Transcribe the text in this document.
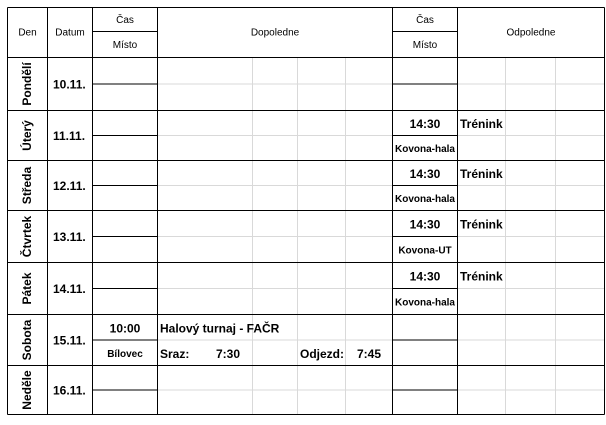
Den Datum
Čas
Místo
Dopoledne
Čas
Místo
Odpoledne
Pondělí 10.11.
Úterý 11.11.
14:30
Kovona-hala
Trénink
Středa 12.11.
14:30
Kovona-hala
Trénink
Čtvrtek 13.11.
14:30
Kovona-UT
Trénink
Pátek 14.11.
14:30
Kovona-hala
Trénink
Sobota 15.11.
10:00
Bílovec
Halový turnaj - FAČR
Sraz: 7:30	Odjezd: 7:45
Neděle 16.11.
